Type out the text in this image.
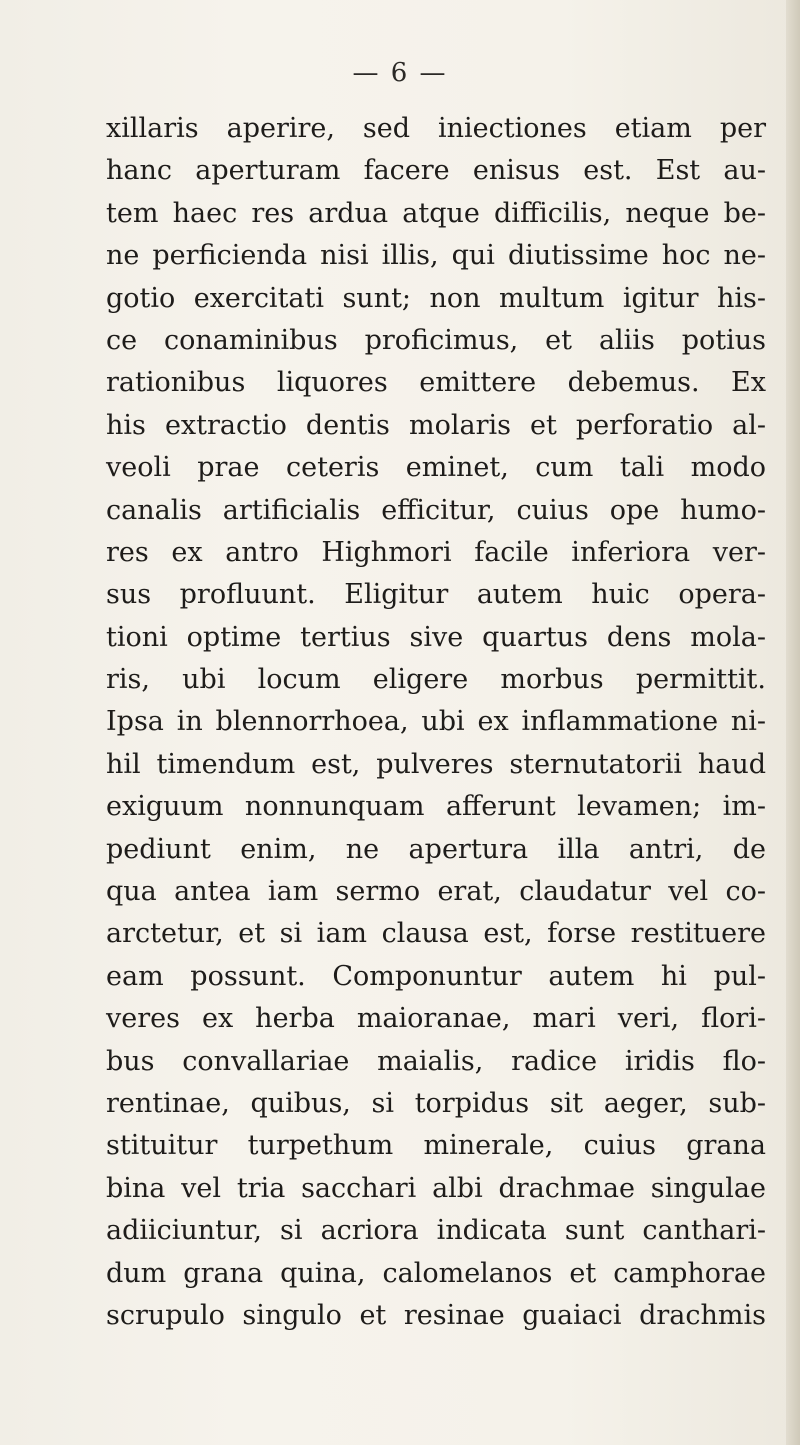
— 6 —
xillaris aperire, sed iniectiones etiam per
hanc aperturam facere enisus est. Est au-
tem haec res ardua atque difficilis, neque be-
ne perficienda nisi illis, qui diutissime hoc ne-
gotio exercitati sunt; non multum igitur his-
ce conaminibus proficimus, et aliis potius
rationibus liquores emittere debemus. Ex
his extractio dentis molaris et perforatio al-
veoli prae ceteris eminet, cum tali modo
canalis artificialis efficitur, cuius ope humo-
res ex antro Highmori facile inferiora ver-
sus profluunt. Eligitur autem huic opera-
tioni optime tertius sive quartus dens mola-
ris, ubi locum eligere morbus permittit.
Ipsa in blennorrhoea, ubi ex inflammatione ni-
hil timendum est, pulveres sternutatorii haud
exiguum nonnunquam afferunt levamen; im-
pediunt enim, ne apertura illa antri, de
qua antea iam sermo erat, claudatur vel co-
arctetur, et si iam clausa est, forse restituere
eam possunt. Componuntur autem hi pul-
veres ex herba maioranae, mari veri, flori-
bus convallariae maialis, radice iridis flo-
rentinae, quibus, si torpidus sit aeger, sub-
stituitur turpethum minerale, cuius grana
bina vel tria sacchari albi drachmae singulae
adiiciuntur, si acriora indicata sunt canthari-
dum grana quina, calomelanos et camphorae
scrupulo singulo et resinae guaiaci drachmis
